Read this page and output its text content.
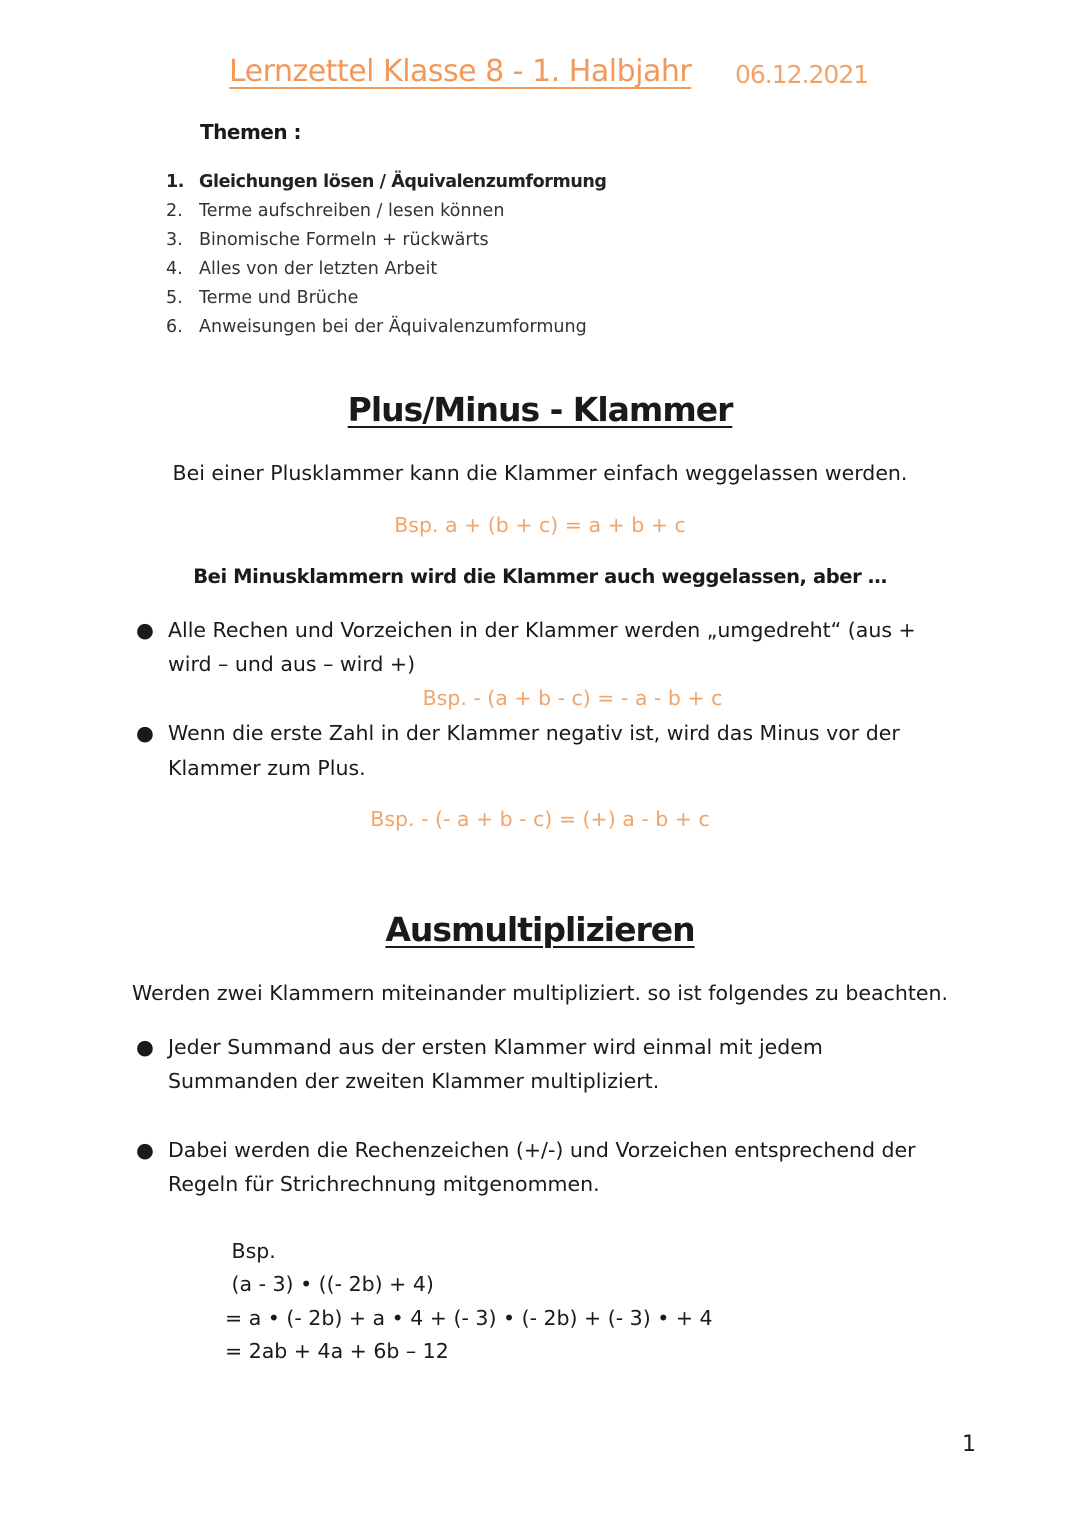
Lernzettel Klasse 8 - 1. Halbjahr 06.12.2021
Themen :
1. Gleichungen lösen / Äquivalenzumformung
2. Terme aufschreiben / lesen können
3. Binomische Formeln + rückwärts
4. Alles von der letzten Arbeit
5. Terme und Brüche
6. Anweisungen bei der Äquivalenzumformung
Plus/Minus - Klammer
Bei einer Plusklammer kann die Klammer einfach weggelassen werden.
Bsp. a + (b + c) = a + b + c
Bei Minusklammern wird die Klammer auch weggelassen, aber …
● Alle Rechen und Vorzeichen in der Klammer werden „umgedreht“ (aus +
wird – und aus – wird +)
Bsp. - (a + b - c) = - a - b + c
● Wenn die erste Zahl in der Klammer negativ ist, wird das Minus vor der
Klammer zum Plus.
Bsp. - (- a + b - c) = (+) a - b + c
Ausmultiplizieren
Werden zwei Klammern miteinander multipliziert. so ist folgendes zu beachten.
● Jeder Summand aus der ersten Klammer wird einmal mit jedem
Summanden der zweiten Klammer multipliziert.
● Dabei werden die Rechenzeichen (+/-) und Vorzeichen entsprechend der
Regeln für Strichrechnung mitgenommen.
Bsp.
(a - 3) • ((- 2b) + 4)
= a • (- 2b) + a • 4 + (- 3) • (- 2b) + (- 3) • + 4
= 2ab + 4a + 6b – 12
1
